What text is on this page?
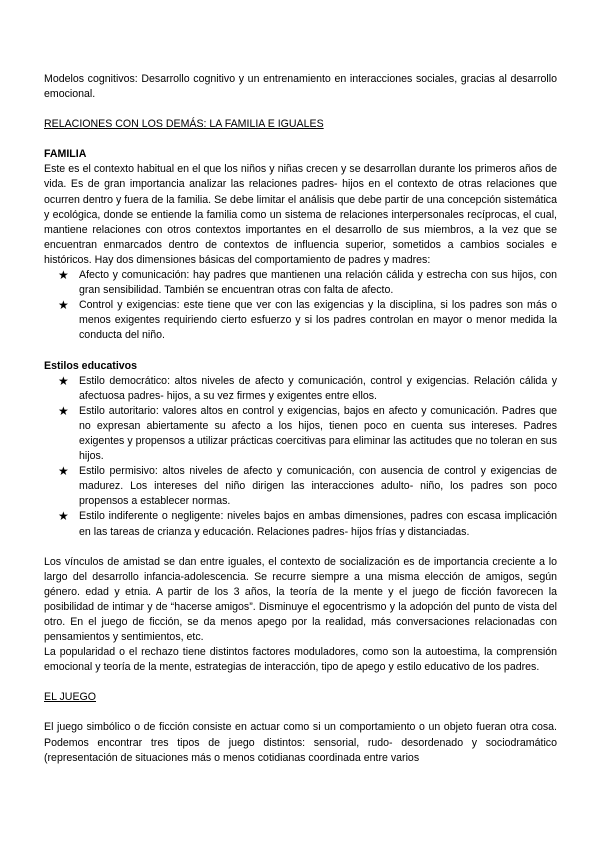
Modelos cognitivos: Desarrollo cognitivo y un entrenamiento en interacciones sociales, gracias al desarrollo emocional.

RELACIONES CON LOS DEMÁS: LA FAMILIA E IGUALES

FAMILIA

Este es el contexto habitual en el que los niños y niñas crecen y se desarrollan durante los primeros años de vida. Es de gran importancia analizar las relaciones padres- hijos en el contexto de otras relaciones que ocurren dentro y fuera de la familia. Se debe limitar el análisis que debe partir de una concepción sistemática y ecológica, donde se entiende la familia como un sistema de relaciones interpersonales recíprocas, el cual, mantiene relaciones con otros contextos importantes en el desarrollo de sus miembros, a la vez que se encuentran enmarcados dentro de contextos de influencia superior, sometidos a cambios sociales e históricos. Hay dos dimensiones básicas del comportamiento de padres y madres:

★ Afecto y comunicación: hay padres que mantienen una relación cálida y estrecha con sus hijos, con gran sensibilidad. También se encuentran otras con falta de afecto.
★ Control y exigencias: este tiene que ver con las exigencias y la disciplina, si los padres son más o menos exigentes requiriendo cierto esfuerzo y si los padres controlan en mayor o menor medida la conducta del niño.

Estilos educativos

★ Estilo democrático: altos niveles de afecto y comunicación, control y exigencias. Relación cálida y afectuosa padres- hijos, a su vez firmes y exigentes entre ellos.
★ Estilo autoritario: valores altos en control y exigencias, bajos en afecto y comunicación. Padres que no expresan abiertamente su afecto a los hijos, tienen poco en cuenta sus intereses. Padres exigentes y propensos a utilizar prácticas coercitivas para eliminar las actitudes que no toleran en sus hijos.
★ Estilo permisivo: altos niveles de afecto y comunicación, con ausencia de control y exigencias de madurez. Los intereses del niño dirigen las interacciones adulto- niño, los padres son poco propensos a establecer normas.
★ Estilo indiferente o negligente: niveles bajos en ambas dimensiones, padres con escasa implicación en las tareas de crianza y educación. Relaciones padres- hijos frías y distanciadas.

Los vínculos de amistad se dan entre iguales, el contexto de socialización es de importancia creciente a lo largo del desarrollo infancia-adolescencia. Se recurre siempre a una misma elección de amigos, según género. edad y etnia. A partir de los 3 años, la teoría de la mente y el juego de ficción favorecen la posibilidad de intimar y de “hacerse amigos”. Disminuye el egocentrismo y la adopción del punto de vista del otro. En el juego de ficción, se da menos apego por la realidad, más conversaciones relacionadas con pensamientos y sentimientos, etc.

La popularidad o el rechazo tiene distintos factores moduladores, como son la autoestima, la comprensión emocional y teoría de la mente, estrategias de interacción, tipo de apego y estilo educativo de los padres.

EL JUEGO

El juego simbólico o de ficción consiste en actuar como si un comportamiento o un objeto fueran otra cosa. Podemos encontrar tres tipos de juego distintos: sensorial, rudo- desordenado y sociodramático (representación de situaciones más o menos cotidianas coordinada entre varios
